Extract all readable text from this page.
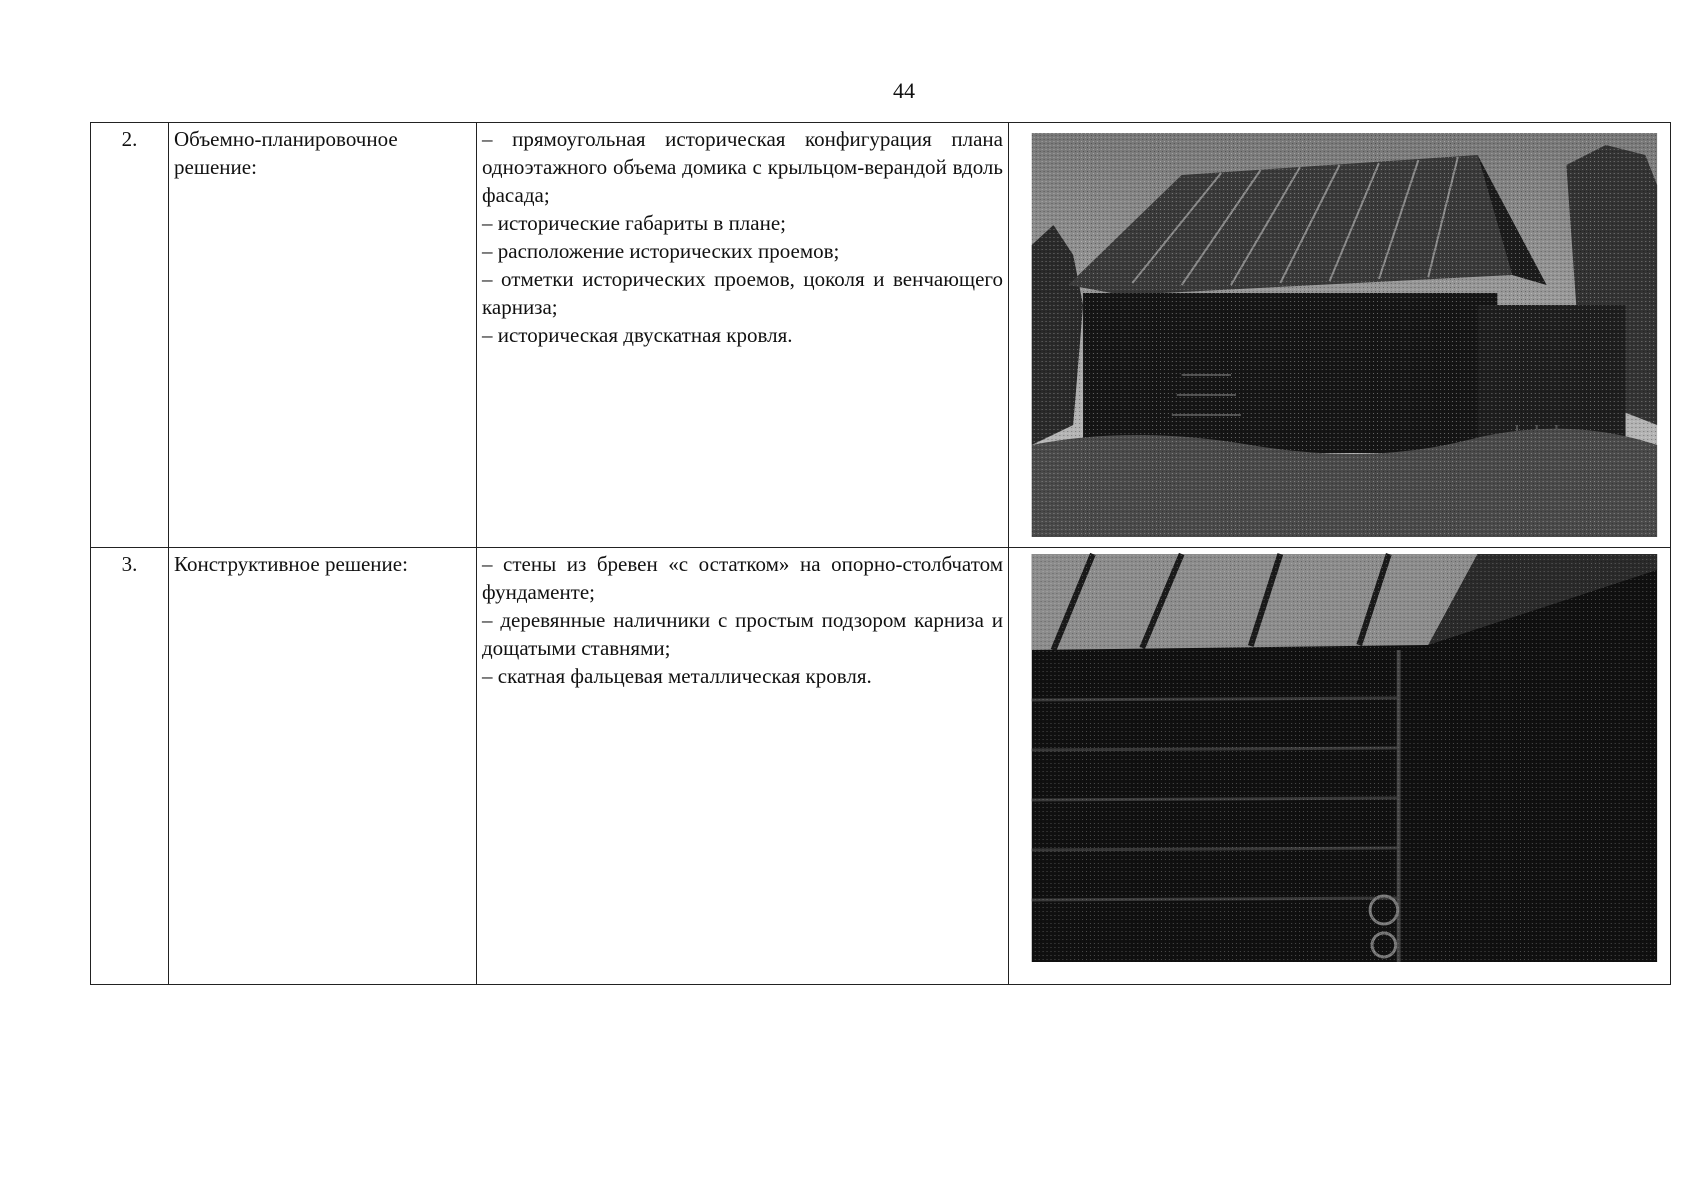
44
2.	Объемно-планировочное решение:	– прямоугольная историческая конфигурация плана одноэтажного объема домика с крыльцом-верандой вдоль фасада;

– исторические габариты в плане;

– расположение исторических проемов;

– отметки исторических проемов, цоколя и венчающего карниза;

– историческая двускатная кровля.

3.	Конструктивное решение:	– стены из бревен «с остатком» на опорно-столбчатом фундаменте;

– деревянные наличники с простым подзором карниза и дощатыми ставнями;

– скатная фальцевая металлическая кровля.
